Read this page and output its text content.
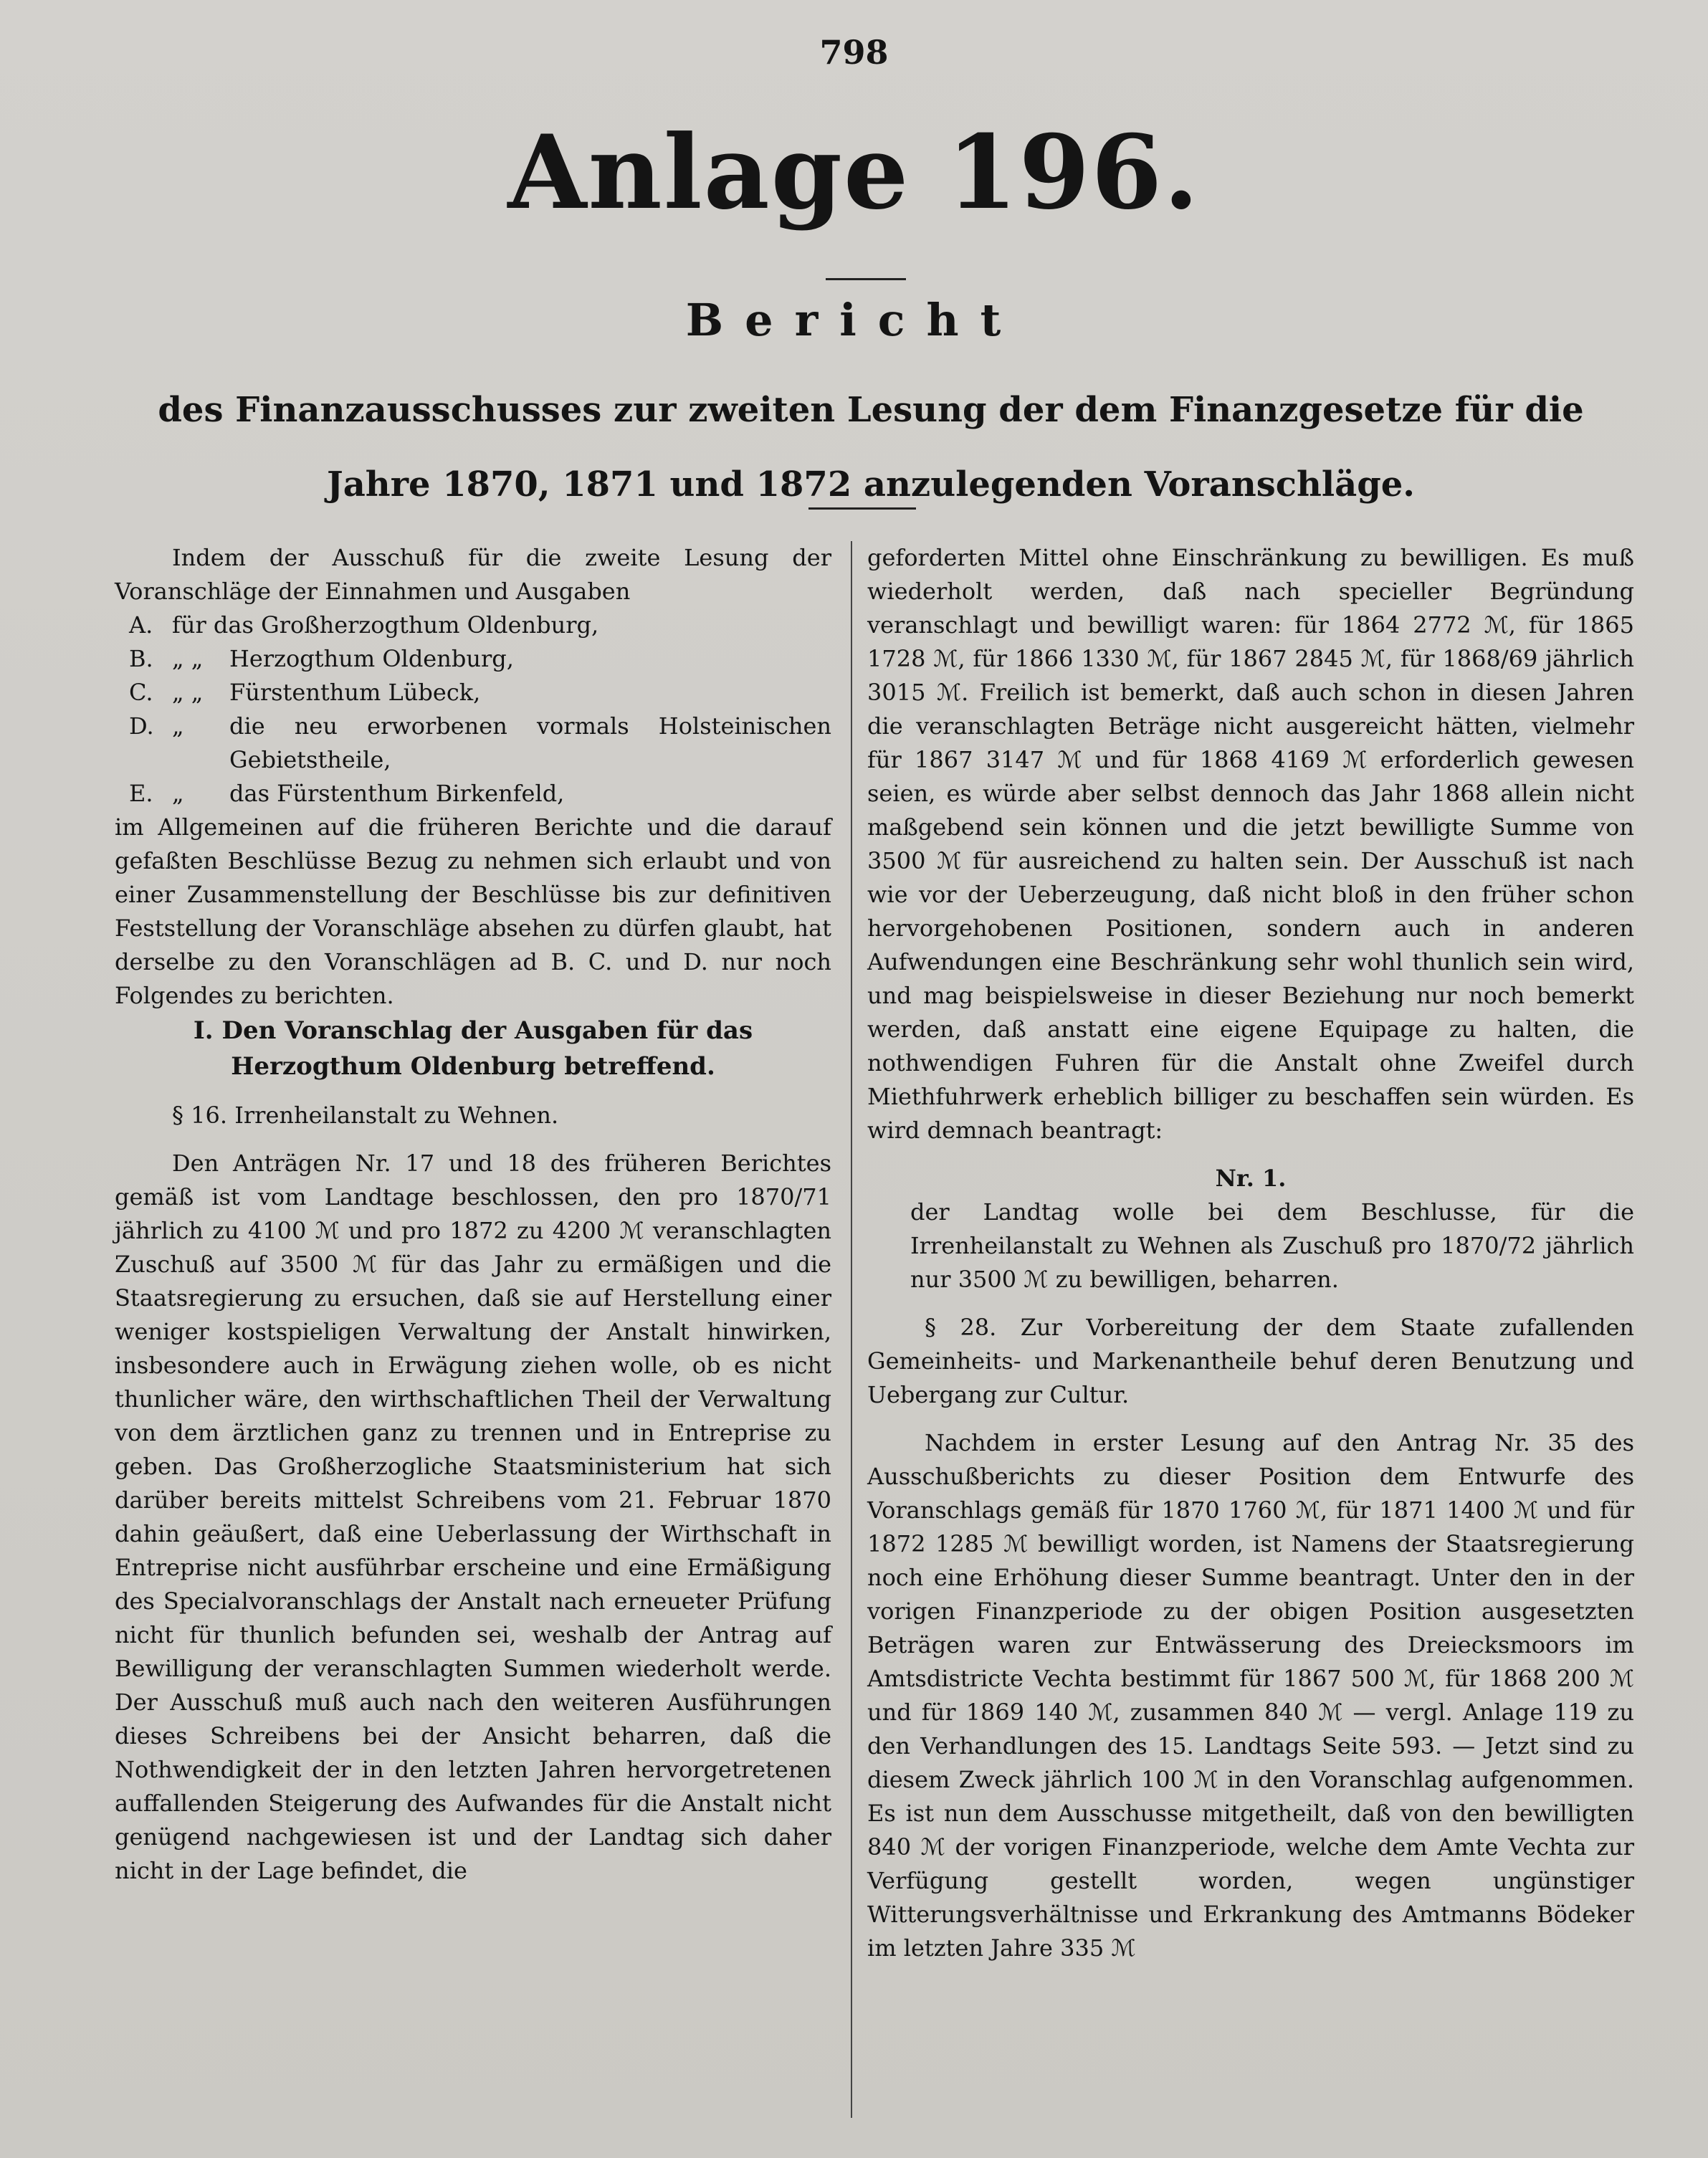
798
Anlage 196.
Bericht
des Finanzausschusses zur zweiten Lesung der dem Finanzgesetze für die Jahre 1870, 1871 und 1872 anzulegenden Voranschläge.

Indem der Ausschuß für die zweite Lesung der Voranschläge der Einnahmen und Ausgaben

A. für das Großherzogthum Oldenburg,
B. „ „	Herzogthum Oldenburg,
C. „ „	Fürstenthum Lübeck,
D. „	die neu erworbenen vormals Holsteinischen Gebietstheile,
E. „	das Fürstenthum Birkenfeld,

im Allgemeinen auf die früheren Berichte und die darauf gefaßten Beschlüsse Bezug zu nehmen sich erlaubt und von einer Zusammenstellung der Beschlüsse bis zur definitiven Feststellung der Voranschläge absehen zu dürfen glaubt, hat derselbe zu den Voranschlägen ad B. C. und D. nur noch Folgendes zu berichten.

I. Den Voranschlag der Ausgaben für das Herzogthum Oldenburg betreffend.

§ 16. Irrenheilanstalt zu Wehnen.

Den Anträgen Nr. 17 und 18 des früheren Berichtes gemäß ist vom Landtage beschlossen, den pro 1870/71 jährlich zu 4100 ℳ und pro 1872 zu 4200 ℳ veranschlagten Zuschuß auf 3500 ℳ für das Jahr zu ermäßigen und die Staatsregierung zu ersuchen, daß sie auf Herstellung einer weniger kostspieligen Verwaltung der Anstalt hinwirken, insbesondere auch in Erwägung ziehen wolle, ob es nicht thunlicher wäre, den wirthschaftlichen Theil der Verwaltung von dem ärztlichen ganz zu trennen und in Entreprise zu geben. Das Großherzogliche Staatsministerium hat sich darüber bereits mittelst Schreibens vom 21. Februar 1870 dahin geäußert, daß eine Ueberlassung der Wirthschaft in Entreprise nicht ausführbar erscheine und eine Ermäßigung des Specialvoranschlags der Anstalt nach erneueter Prüfung nicht für thunlich befunden sei, weshalb der Antrag auf Bewilligung der veranschlagten Summen wiederholt werde. Der Ausschuß muß auch nach den weiteren Ausführungen dieses Schreibens bei der Ansicht beharren, daß die Nothwendigkeit der in den letzten Jahren hervorgetretenen auffallenden Steigerung des Aufwandes für die Anstalt nicht genügend nachgewiesen ist und der Landtag sich daher nicht in der Lage befindet, die

geforderten Mittel ohne Einschränkung zu bewilligen. Es muß wiederholt werden, daß nach specieller Begründung veranschlagt und bewilligt waren: für 1864 2772 ℳ, für 1865 1728 ℳ, für 1866 1330 ℳ, für 1867 2845 ℳ, für 1868/69 jährlich 3015 ℳ. Freilich ist bemerkt, daß auch schon in diesen Jahren die veranschlagten Beträge nicht ausgereicht hätten, vielmehr für 1867 3147 ℳ und für 1868 4169 ℳ erforderlich gewesen seien, es würde aber selbst dennoch das Jahr 1868 allein nicht maßgebend sein können und die jetzt bewilligte Summe von 3500 ℳ für ausreichend zu halten sein. Der Ausschuß ist nach wie vor der Ueberzeugung, daß nicht bloß in den früher schon hervorgehobenen Positionen, sondern auch in anderen Aufwendungen eine Beschränkung sehr wohl thunlich sein wird, und mag beispielsweise in dieser Beziehung nur noch bemerkt werden, daß anstatt eine eigene Equipage zu halten, die nothwendigen Fuhren für die Anstalt ohne Zweifel durch Miethfuhrwerk erheblich billiger zu beschaffen sein würden. Es wird demnach beantragt:

Nr. 1.

der Landtag wolle bei dem Beschlusse, für die Irrenheilanstalt zu Wehnen als Zuschuß pro 1870/72 jährlich nur 3500 ℳ zu bewilligen, beharren.

§ 28. Zur Vorbereitung der dem Staate zufallenden Gemeinheits- und Markenantheile behuf deren Benutzung und Uebergang zur Cultur.

Nachdem in erster Lesung auf den Antrag Nr. 35 des Ausschußberichts zu dieser Position dem Entwurfe des Voranschlags gemäß für 1870 1760 ℳ, für 1871 1400 ℳ und für 1872 1285 ℳ bewilligt worden, ist Namens der Staatsregierung noch eine Erhöhung dieser Summe beantragt. Unter den in der vorigen Finanzperiode zu der obigen Position ausgesetzten Beträgen waren zur Entwässerung des Dreiecksmoors im Amtsdistricte Vechta bestimmt für 1867 500 ℳ, für 1868 200 ℳ und für 1869 140 ℳ, zusammen 840 ℳ — vergl. Anlage 119 zu den Verhandlungen des 15. Landtags Seite 593. — Jetzt sind zu diesem Zweck jährlich 100 ℳ in den Voranschlag aufgenommen. Es ist nun dem Ausschusse mitgetheilt, daß von den bewilligten 840 ℳ der vorigen Finanzperiode, welche dem Amte Vechta zur Verfügung gestellt worden, wegen ungünstiger Witterungsverhältnisse und Erkrankung des Amtmanns Bödeker im letzten Jahre 335 ℳ
